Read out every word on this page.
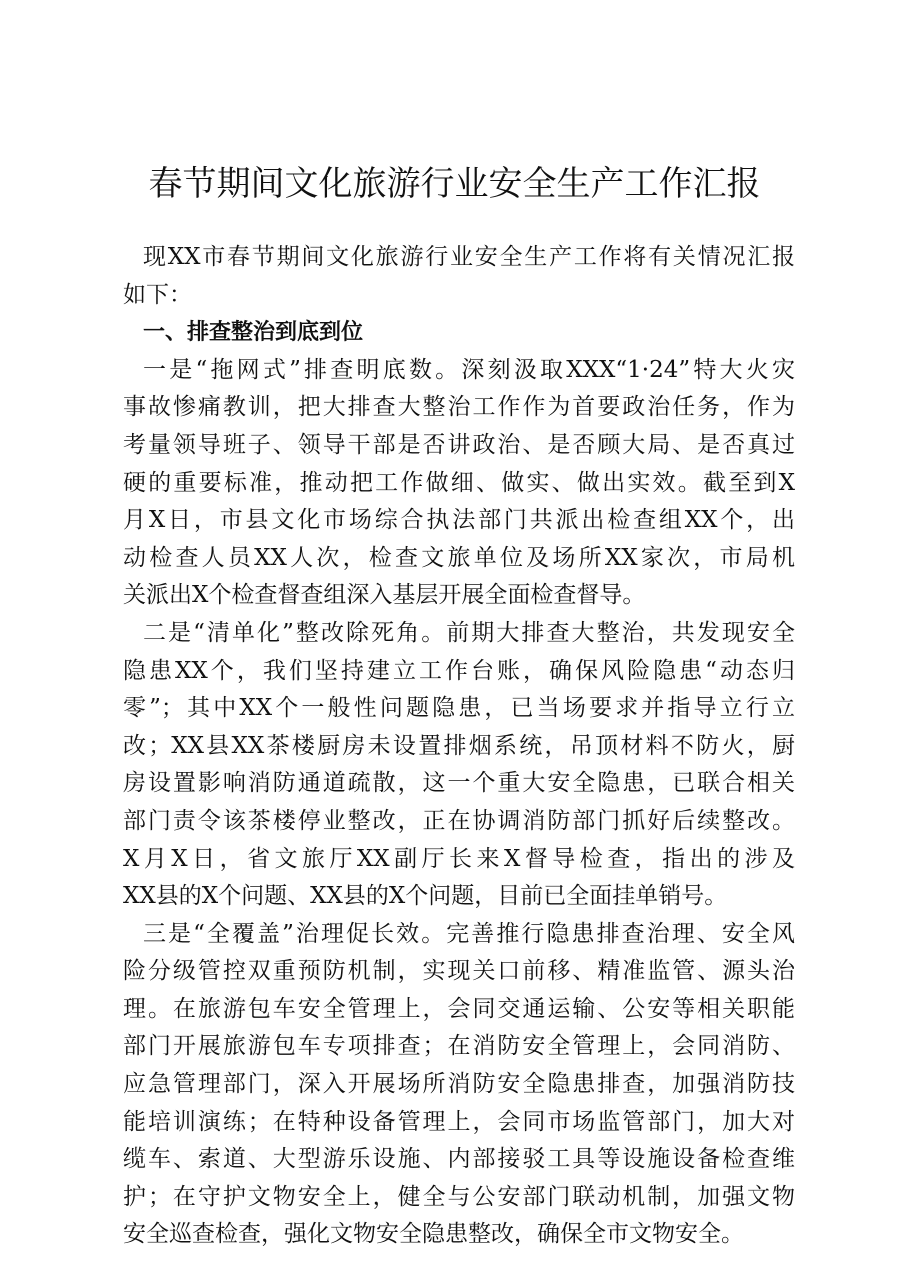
春节期间文化旅游行业安全生产工作汇报
现XX市春节期间文化旅游行业安全生产工作将有关情况汇报
如下：
一、排查整治到底到位
一是“拖网式”排查明底数。深刻汲取XXX“1·24”特大火灾
事故惨痛教训，把大排查大整治工作作为首要政治任务，作为
考量领导班子、领导干部是否讲政治、是否顾大局、是否真过
硬的重要标准，推动把工作做细、做实、做出实效。截至到X
月X日，市县文化市场综合执法部门共派出检查组XX个，出
动检查人员XX人次，检查文旅单位及场所XX家次，市局机
关派出X个检查督查组深入基层开展全面检查督导。
二是“清单化”整改除死角。前期大排查大整治，共发现安全
隐患XX个，我们坚持建立工作台账，确保风险隐患“动态归
零”；其中XX个一般性问题隐患，已当场要求并指导立行立
改；XX县XX茶楼厨房未设置排烟系统，吊顶材料不防火，厨
房设置影响消防通道疏散，这一个重大安全隐患，已联合相关
部门责令该茶楼停业整改，正在协调消防部门抓好后续整改。
X月X日，省文旅厅XX副厅长来X督导检查，指出的涉及
XX县的X个问题、XX县的X个问题，目前已全面挂单销号。
三是“全覆盖”治理促长效。完善推行隐患排查治理、安全风
险分级管控双重预防机制，实现关口前移、精准监管、源头治
理。在旅游包车安全管理上，会同交通运输、公安等相关职能
部门开展旅游包车专项排查；在消防安全管理上，会同消防、
应急管理部门，深入开展场所消防安全隐患排查，加强消防技
能培训演练；在特种设备管理上，会同市场监管部门，加大对
缆车、索道、大型游乐设施、内部接驳工具等设施设备检查维
护；在守护文物安全上，健全与公安部门联动机制，加强文物
安全巡查检查，强化文物安全隐患整改，确保全市文物安全。
